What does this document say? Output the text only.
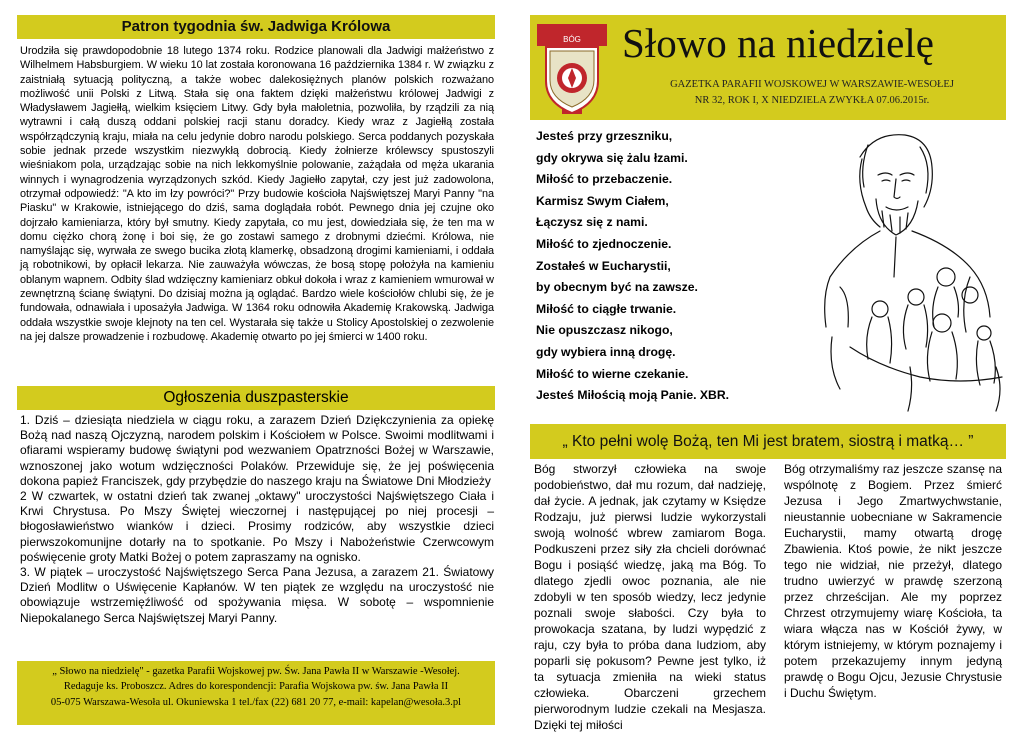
Patron tygodnia św. Jadwiga Królowa
Urodziła się prawdopodobnie 18 lutego 1374 roku. Rodzice planowali dla Jadwigi małżeństwo z Wilhelmem Habsburgiem. W wieku 10 lat została koronowana 16 października 1384 r. W związku z zaistniałą sytuacją polityczną, a także wobec dalekosiężnych planów polskich rozważano możliwość unii Polski z Litwą. Stała się ona faktem dzięki małżeństwu królowej Jadwigi z Władysławem Jagiełłą, wielkim księciem Litwy. Gdy była małoletnia, pozwoliła, by rządzili za nią wytrawni i całą duszą oddani polskiej racji stanu doradcy. Kiedy wraz z Jagiełłą została współrządczynią kraju, miała na celu jedynie dobro narodu polskiego. Serca poddanych pozyskała sobie jednak przede wszystkim niezwykłą dobrocią. Kiedy żołnierze królewscy spustoszyli wieśniakom pola, urządzając sobie na nich lekkomyślnie polowanie, zażądała od męża ukarania winnych i wynagrodzenia wyrządzonych szkód. Kiedy Jagiełło zapytał, czy jest już zadowolona, otrzymał odpowiedź: "A kto im łzy powróci?" Przy budowie kościoła Najświętszej Maryi Panny "na Piasku" w Krakowie, istniejącego do dziś, sama doglądała robót. Pewnego dnia jej czujne oko dojrzało kamieniarza, który był smutny. Kiedy zapytała, co mu jest, dowiedziała się, że ten ma w domu ciężko chorą żonę i boi się, że go zostawi samego z drobnymi dziećmi. Królowa, nie namyślając się, wyrwała ze swego bucika złotą klamerkę, obsadzoną drogimi kamieniami, i oddała ją robotnikowi, by opłacił lekarza. Nie zauważyła wówczas, że bosą stopę położyła na kamieniu oblanym wapnem. Odbity ślad wdzięczny kamieniarz obkuł dokoła i wraz z kamieniem wmurował w zewnętrzną ścianę świątyni. Do dzisiaj można ją oglądać. Bardzo wiele kościołów chlubi się, że je fundowała, odnawiała i uposażyła Jadwiga. W 1364 roku odnowiła Akademię Krakowską. Jadwiga oddała wszystkie swoje klejnoty na ten cel. Wystarała się także u Stolicy Apostolskiej o zezwolenie na jej dalsze prowadzenie i rozbudowę. Akademię otwarto po jej śmierci w 1400 roku.
Ogłoszenia duszpasterskie

1. Dziś – dziesiąta niedziela w ciągu roku, a zarazem Dzień Dziękczynienia za opiekę Bożą nad naszą Ojczyzną, narodem polskim i Kościołem w Polsce. Swoimi modlitwami i ofiarami wspieramy budowę świątyni pod wezwaniem Opatrzności Bożej w Warszawie, wznoszonej jako wotum wdzięczności Polaków. Przewiduje się, że jej poświęcenia dokona papież Franciszek, gdy przybędzie do naszego kraju na Światowe Dni Młodzieży

2 W czwartek, w ostatni dzień tak zwanej „oktawy" uroczystości Najświętszego Ciała i Krwi Chrystusa. Po Mszy Świętej wieczornej i następującej po niej procesji – błogosławieństwo wianków i dzieci. Prosimy rodziców, aby wszystkie dzieci pierwszokomunijne dotarły na to spotkanie. Po Mszy i Nabożeństwie Czerwcowym poświęcenie groty Matki Bożej o potem zapraszamy na ognisko.

3. W piątek – uroczystość Najświętszego Serca Pana Jezusa, a zarazem 21. Światowy Dzień Modlitw o Uświęcenie Kapłanów. W ten piątek ze względu na uroczystość nie obowiązuje wstrzemięźliwość od spożywania mięsa. W sobotę – wspomnienie Niepokalanego Serca Najświętszej Maryi Panny.

„ Słowo na niedzielę" - gazetka Parafii Wojskowej pw. Św. Jana Pawła II w Warszawie -Wesołej.
Redaguje ks. Proboszcz. Adres do korespondencji: Parafia Wojskowa pw. św. Jana Pawła II
05-075 Warszawa-Wesoła ul. Okuniewska 1 tel./fax (22) 681 20 77, e-mail: kapelan@wesoła.3.pl
BÓG Słowo na niedzielę
GAZETKA PARAFII WOJSKOWEJ W WARSZAWIE-WESOŁEJ
NR 32, ROK I, X NIEDZIELA ZWYKŁA 07.06.2015r.
Jesteś przy grzeszniku,
gdy okrywa się żalu łzami.
Miłość to przebaczenie.
Karmisz Swym Ciałem,
Łączysz się z nami.
Miłość to zjednoczenie.
Zostałeś w Eucharystii,
by obecnym być na zawsze.
Miłość to ciągłe trwanie.
Nie opuszczasz nikogo,
gdy wybiera inną drogę.
Miłość to wierne czekanie.
Jesteś Miłością moją Panie. XBR.
„ Kto pełni wolę Bożą, ten Mi jest bratem, siostrą i matką… ”
Bóg stworzył człowieka na swoje podobieństwo, dał mu rozum, dał nadzieję, dał życie. A jednak, jak czytamy w Księdze Rodzaju, już pierwsi ludzie wykorzystali swoją wolność wbrew zamiarom Boga. Podkuszeni przez siły zła chcieli dorównać Bogu i posiąść wiedzę, jaką ma Bóg. To dlatego zjedli owoc poznania, ale nie zdobyli w ten sposób wiedzy, lecz jedynie poznali swoje słabości. Czy była to prowokacja szatana, by ludzi wypędzić z raju, czy była to próba dana ludziom, aby poparli się pokusom? Pewne jest tylko, iż ta sytuacja zmieniła na wieki status człowieka. Obarczeni grzechem pierworodnym ludzie czekali na Mesjasza. Dzięki tej miłości
Bóg otrzymaliśmy raz jeszcze szansę na wspólnotę z Bogiem. Przez śmierć Jezusa i Jego Zmartwychwstanie, nieustannie uobecniane w Sakramencie Eucharystii, mamy otwartą drogę Zbawienia. Ktoś powie, że nikt jeszcze tego nie widział, nie przeżył, dlatego trudno uwierzyć w prawdę szerzoną przez chrześcijan. Ale my poprzez Chrzest otrzymujemy wiarę Kościoła, ta wiara włącza nas w Kościół żywy, w którym istniejemy, w którym poznajemy i potem przekazujemy innym jedyną prawdę o Bogu Ojcu, Jezusie Chrystusie i Duchu Świętym.
